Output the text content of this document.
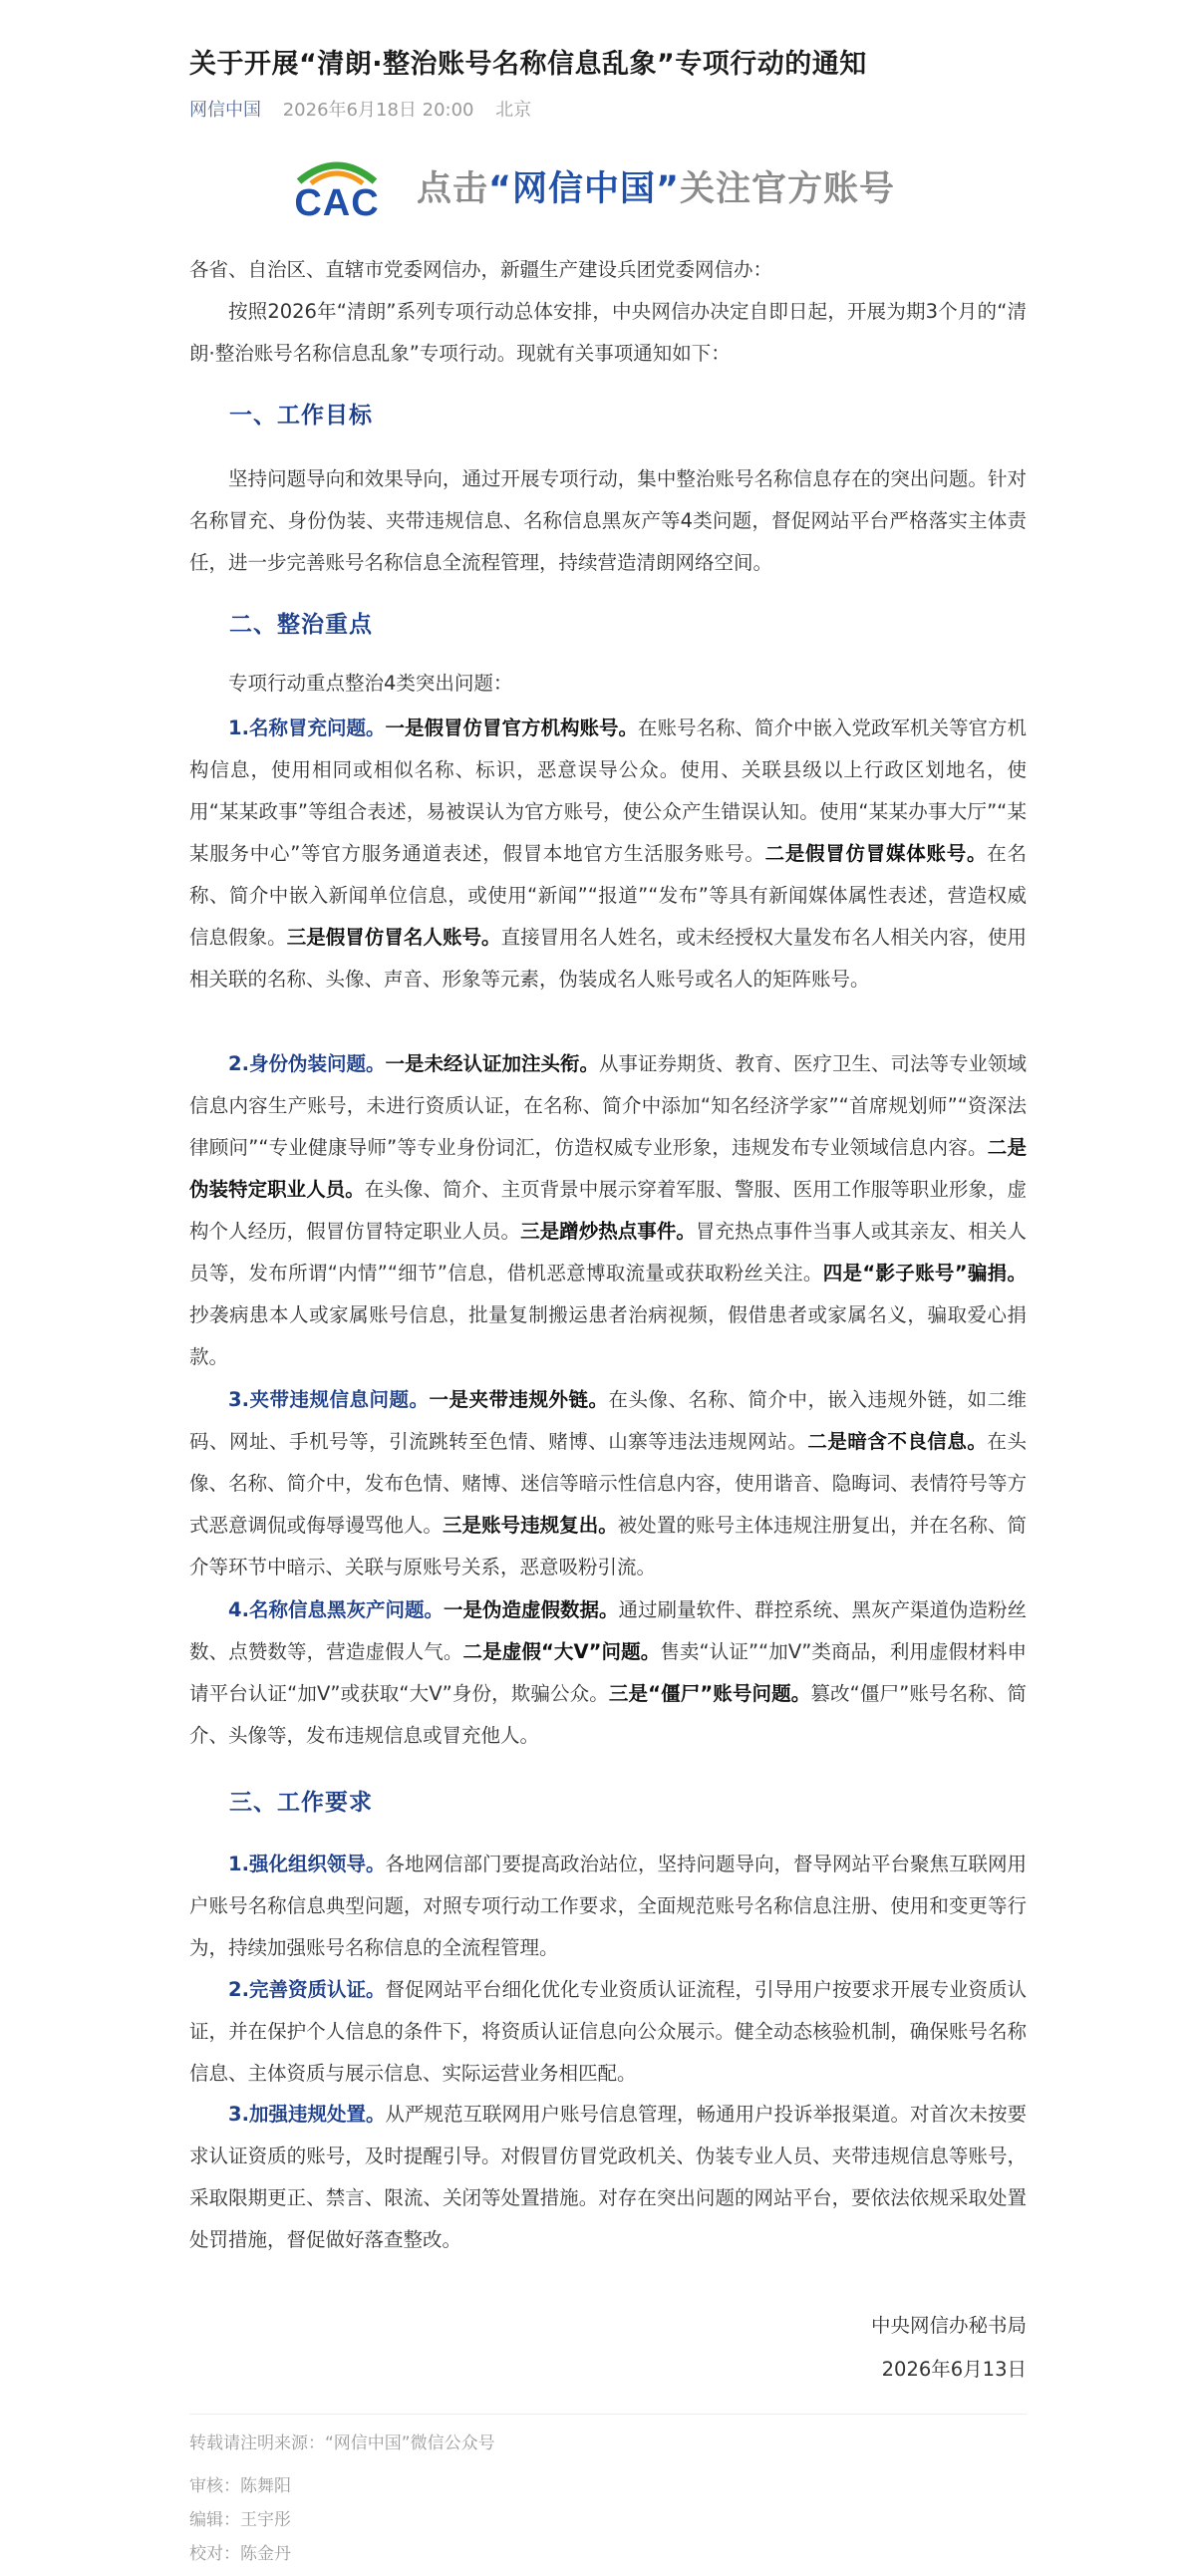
关于开展“清朗·整治账号名称信息乱象”专项行动的通知
网信中国 2026年6月18日 20:00 北京
CAC 点击“网信中国”关注官方账号

各省、自治区、直辖市党委网信办，新疆生产建设兵团党委网信办：

按照2026年“清朗”系列专项行动总体安排，中央网信办决定自即日起，开展为期3个月的“清朗·整治账号名称信息乱象”专项行动。现就有关事项通知如下：

一、工作目标

坚持问题导向和效果导向，通过开展专项行动，集中整治账号名称信息存在的突出问题。针对名称冒充、身份伪装、夹带违规信息、名称信息黑灰产等4类问题，督促网站平台严格落实主体责任，进一步完善账号名称信息全流程管理，持续营造清朗网络空间。

二、整治重点

专项行动重点整治4类突出问题：

1.名称冒充问题。一是假冒仿冒官方机构账号。在账号名称、简介中嵌入党政军机关等官方机构信息，使用相同或相似名称、标识，恶意误导公众。使用、关联县级以上行政区划地名，使用“某某政事”等组合表述，易被误认为官方账号，使公众产生错误认知。使用“某某办事大厅”“某某服务中心”等官方服务通道表述，假冒本地官方生活服务账号。二是假冒仿冒媒体账号。在名称、简介中嵌入新闻单位信息，或使用“新闻”“报道”“发布”等具有新闻媒体属性表述，营造权威信息假象。三是假冒仿冒名人账号。直接冒用名人姓名，或未经授权大量发布名人相关内容，使用相关联的名称、头像、声音、形象等元素，伪装成名人账号或名人的矩阵账号。

2.身份伪装问题。一是未经认证加注头衔。从事证券期货、教育、医疗卫生、司法等专业领域信息内容生产账号，未进行资质认证，在名称、简介中添加“知名经济学家”“首席规划师”“资深法律顾问”“专业健康导师”等专业身份词汇，仿造权威专业形象，违规发布专业领域信息内容。二是伪装特定职业人员。在头像、简介、主页背景中展示穿着军服、警服、医用工作服等职业形象，虚构个人经历，假冒仿冒特定职业人员。三是蹭炒热点事件。冒充热点事件当事人或其亲友、相关人员等，发布所谓“内情”“细节”信息，借机恶意博取流量或获取粉丝关注。四是“影子账号”骗捐。抄袭病患本人或家属账号信息，批量复制搬运患者治病视频，假借患者或家属名义，骗取爱心捐款。

3.夹带违规信息问题。一是夹带违规外链。在头像、名称、简介中，嵌入违规外链，如二维码、网址、手机号等，引流跳转至色情、赌博、山寨等违法违规网站。二是暗含不良信息。在头像、名称、简介中，发布色情、赌博、迷信等暗示性信息内容，使用谐音、隐晦词、表情符号等方式恶意调侃或侮辱谩骂他人。三是账号违规复出。被处置的账号主体违规注册复出，并在名称、简介等环节中暗示、关联与原账号关系，恶意吸粉引流。

4.名称信息黑灰产问题。一是伪造虚假数据。通过刷量软件、群控系统、黑灰产渠道伪造粉丝数、点赞数等，营造虚假人气。二是虚假“大V”问题。售卖“认证”“加V”类商品，利用虚假材料申请平台认证“加V”或获取“大V”身份，欺骗公众。三是“僵尸”账号问题。篡改“僵尸”账号名称、简介、头像等，发布违规信息或冒充他人。

三、工作要求

1.强化组织领导。各地网信部门要提高政治站位，坚持问题导向，督导网站平台聚焦互联网用户账号名称信息典型问题，对照专项行动工作要求，全面规范账号名称信息注册、使用和变更等行为，持续加强账号名称信息的全流程管理。

2.完善资质认证。督促网站平台细化优化专业资质认证流程，引导用户按要求开展专业资质认证，并在保护个人信息的条件下，将资质认证信息向公众展示。健全动态核验机制，确保账号名称信息、主体资质与展示信息、实际运营业务相匹配。

3.加强违规处置。从严规范互联网用户账号信息管理，畅通用户投诉举报渠道。对首次未按要求认证资质的账号，及时提醒引导。对假冒仿冒党政机关、伪装专业人员、夹带违规信息等账号，采取限期更正、禁言、限流、关闭等处置措施。对存在突出问题的网站平台，要依法依规采取处置处罚措施，督促做好落查整改。

中央网信办秘书局
2026年6月13日
转载请注明来源：“网信中国”微信公众号
审核：陈舞阳
编辑：王宇彤
校对：陈金丹
